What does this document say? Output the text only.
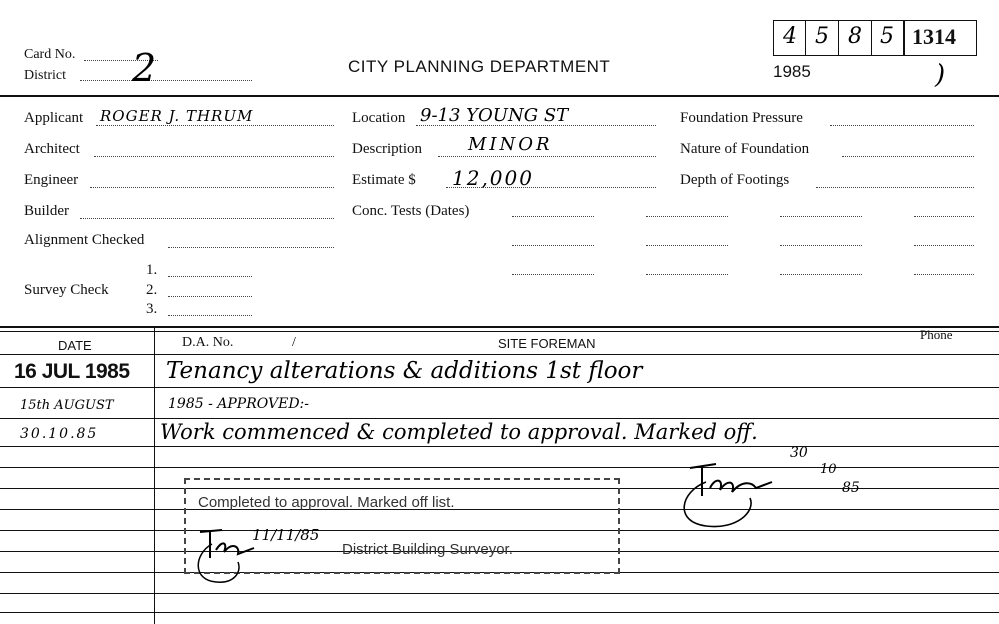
Card No.
District 2	CITY PLANNING DEPARTMENT
4 5 8 5 1314
1985	)
Applicant ROGER J. THRUM
Architect
Engineer
Builder
Alignment Checked
Survey Check
1.
2.
3.
Location 9-13 YOUNG ST
Description	MINOR
Estimate $ 12,000
Conc. Tests (Dates)
Foundation Pressure
Nature of Foundation
Depth of Footings
DATE	D.A. No.	/	SITE FOREMAN
Phone
16 JUL 1985 Tenancy alterations & additions 1st floor
15th AUGUST	1985 - APPROVED:-
30.10.85	Work commenced & completed to approval. Marked off.
30
10
85
Completed to approval. Marked off list.
District Building Surveyor.
11/11/85
